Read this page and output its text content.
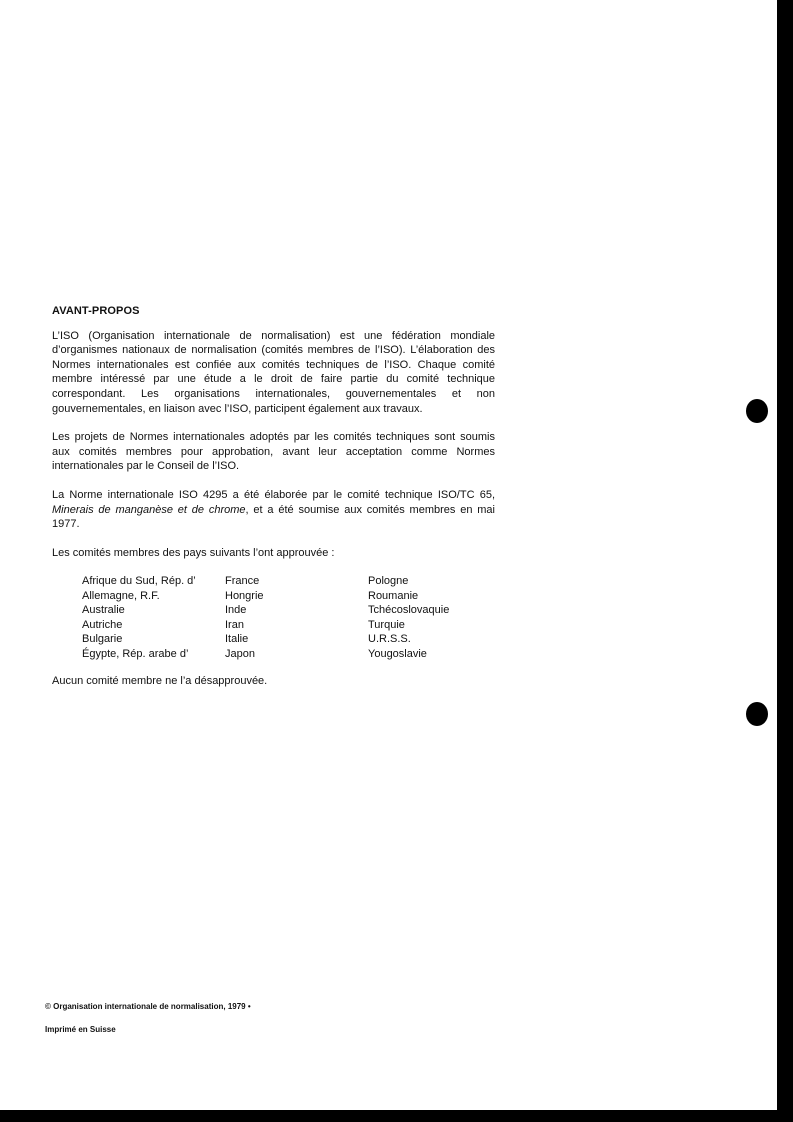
AVANT-PROPOS

L’ISO (Organisation internationale de normalisation) est une fédération mondiale d’organismes nationaux de normalisation (comités membres de l’ISO). L’élaboration des Normes internationales est confiée aux comités techniques de l’ISO. Chaque comité membre intéressé par une étude a le droit de faire partie du comité technique correspondant. Les organisations internationales, gouvernementales et non gouvernementales, en liaison avec l’ISO, participent également aux travaux.

Les projets de Normes internationales adoptés par les comités techniques sont soumis aux comités membres pour approbation, avant leur acceptation comme Normes internationales par le Conseil de l’ISO.

La Norme internationale ISO 4295 a été élaborée par le comité technique ISO/TC 65, Minerais de manganèse et de chrome, et a été soumise aux comités membres en mai 1977.

Les comités membres des pays suivants l’ont approuvée :

Afrique du Sud, Rép. d’
Allemagne, R.F.
Australie
Autriche
Bulgarie
Égypte, Rép. arabe d’
France
Hongrie
Inde
Iran
Italie
Japon
Pologne
Roumanie
Tchécoslovaquie
Turquie
U.R.S.S.
Yougoslavie

Aucun comité membre ne l’a désapprouvée.

© Organisation internationale de normalisation, 1979 •
Imprimé en Suisse
